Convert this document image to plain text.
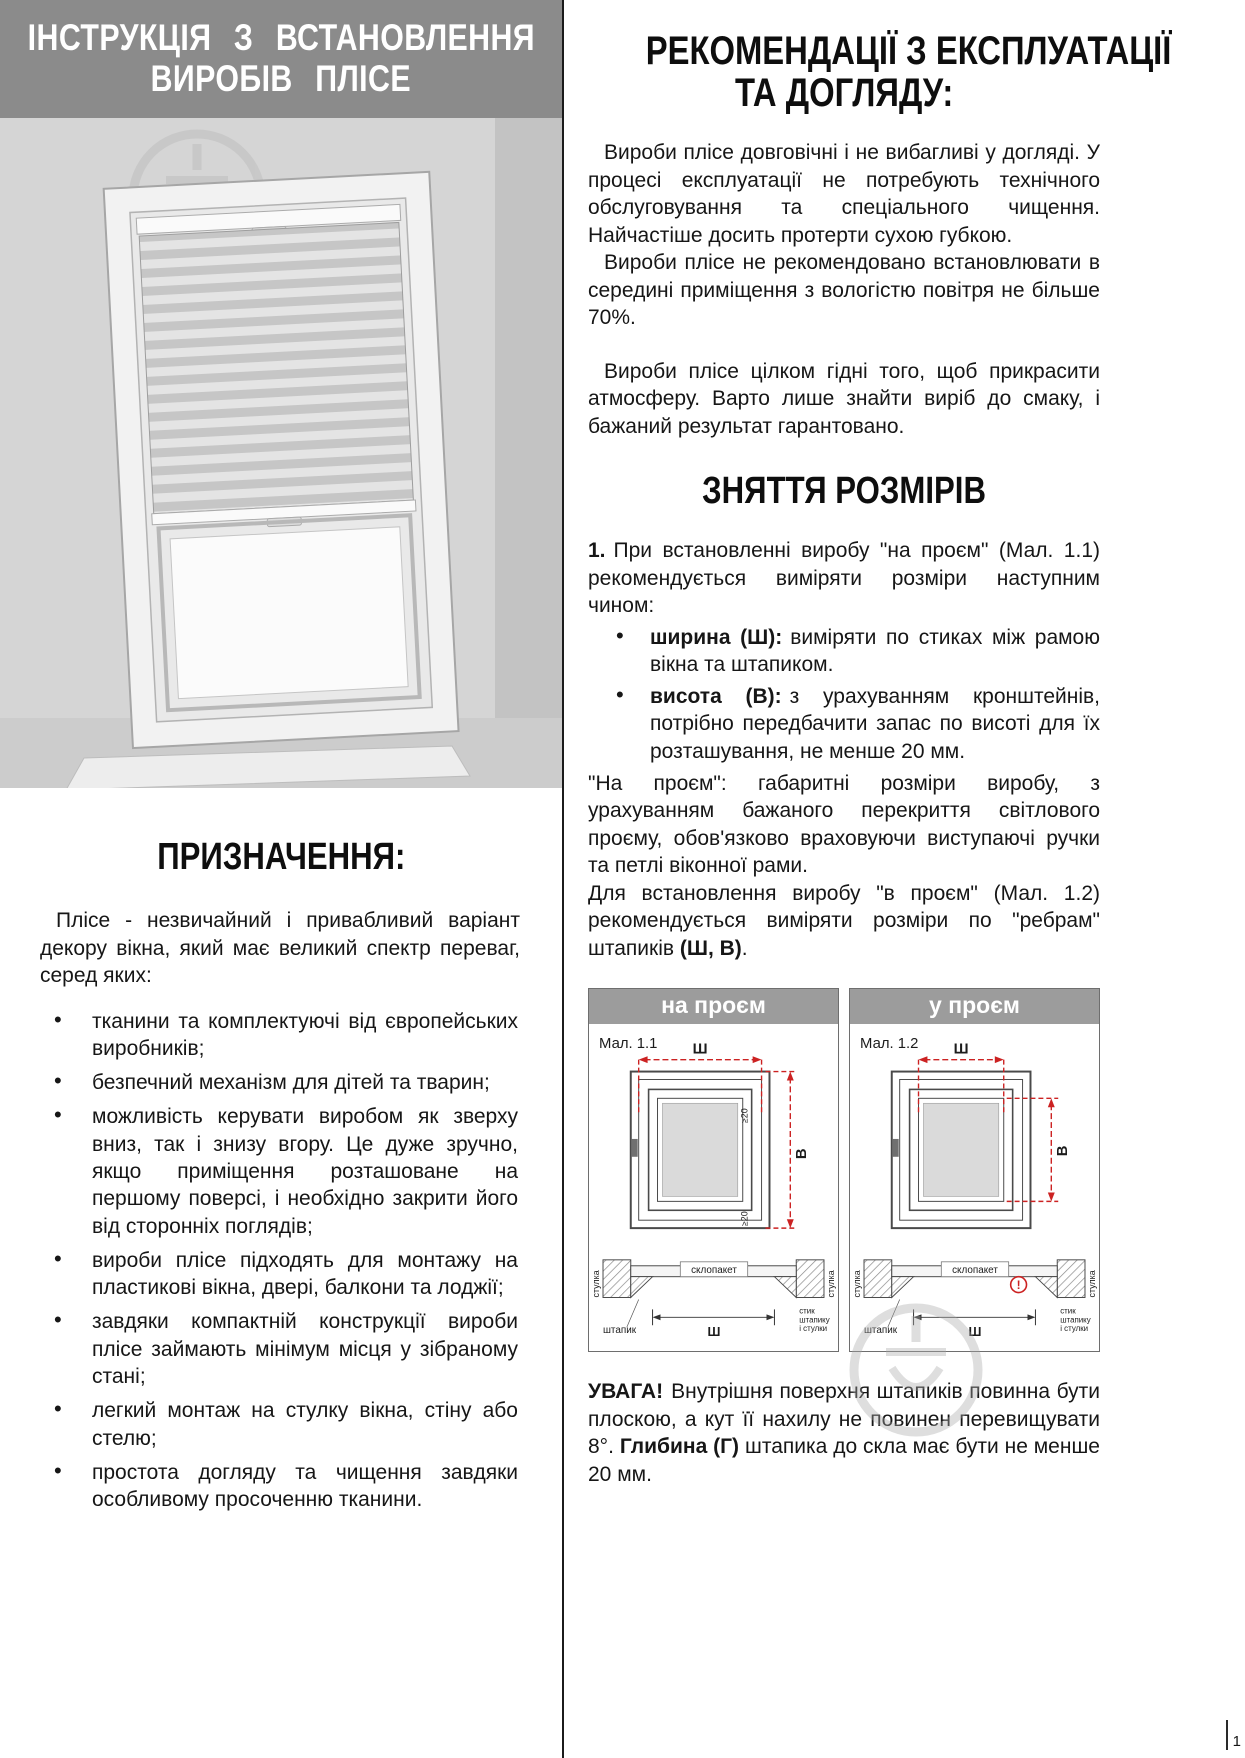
ІНСТРУКЦІЯ З ВСТАНОВЛЕННЯ
ВИРОБІВ ПЛІСЕ
ПРИЗНАЧЕННЯ:

Плісе - незвичайний і привабливий варіант декору вікна, який має великий спектр переваг, серед яких:

• тканини та комплектуючі від європейських виробників;
• безпечний механізм для дітей та тварин;
• можливість керувати виробом як зверху вниз, так і знизу вгору. Це дуже зручно, якщо приміщення розташоване на першому поверсі, і необхідно закрити його від сторонніх поглядів;
• вироби плісе підходять для монтажу на пластикові вікна, двері, балкони та лоджії;
• завдяки компактній конструкції вироби плісе займають мінімум місця у зібраному стані;
• легкий монтаж на стулку вікна, стіну або стелю;
• простота догляду та чищення завдяки особливому просоченню тканини.
РЕКОМЕНДАЦІЇ З ЕКСПЛУАТАЦІЇ
ТА ДОГЛЯДУ:

Вироби плісе довговічні і не вибагливі у догляді. У процесі експлуатації не потребують технічного обслуговування та спеціального чищення. Найчастіше досить протерти сухою губкою.

Вироби плісе не рекомендовано встановлювати в середині приміщення з вологістю повітря не більше 70%.

Вироби плісе цілком гідні того, щоб прикрасити атмосферу. Варто лише знайти виріб до смаку, і бажаний результат гарантовано.

ЗНЯТТЯ РОЗМІРІВ

1. При встановленні виробу "на проєм" (Мал. 1.1) рекомендується виміряти розміри наступним чином:

• ширина (Ш): виміряти по стиках між рамою вікна та штапиком.
• висота (В): з урахуванням кронштейнів, потрібно передбачити запас по висоті для їх розташування, не менше 20 мм.

"На проєм": габаритні розміри виробу, з урахуванням бажаного перекриття світлового проєму, обов'язково враховуючи виступаючі ручки та петлі віконної рами.

Для встановлення виробу "в проєм" (Мал. 1.2) рекомендується виміряти розміри по "ребрам" штапиків (Ш, В).

на проєм
Мал. 1.1 Ш
В
≥20
≥20
склопакет
Ш
стулка	стулка
штапик
стик
штапику
і стулки
у проєм
Мал. 1.2 Ш
В
склопакет
!
Ш
стулка	стулка
штапик
стик
штапику
і стулки

УВАГА! Внутрішня поверхня штапиків повинна бути плоскою, а кут її нахилу не повинен перевищувати 8°. Глибина (Г) штапика до скла має бути не менше 20 мм.

1
